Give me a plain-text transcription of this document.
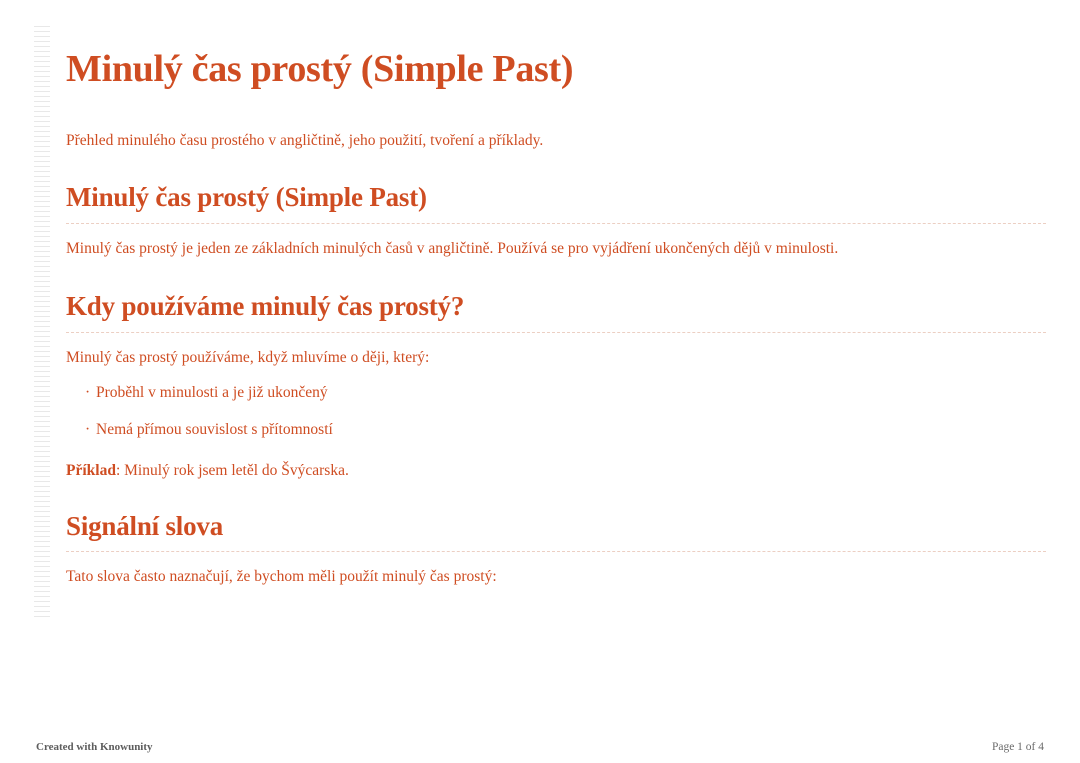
Minulý čas prostý (Simple Past)

Přehled minulého času prostého v angličtině, jeho použití, tvoření a příklady.

Minulý čas prostý (Simple Past)

Minulý čas prostý je jeden ze základních minulých časů v angličtině. Používá se pro vyjádření ukončených dějů v minulosti.

Kdy používáme minulý čas prostý?

Minulý čas prostý používáme, když mluvíme o ději, který:

· Proběhl v minulosti a je již ukončený
· Nemá přímou souvislost s přítomností

Příklad: Minulý rok jsem letěl do Švýcarska.

Signální slova

Tato slova často naznačují, že bychom měli použít minulý čas prostý:

Created with Knowunity	Page 1 of 4
